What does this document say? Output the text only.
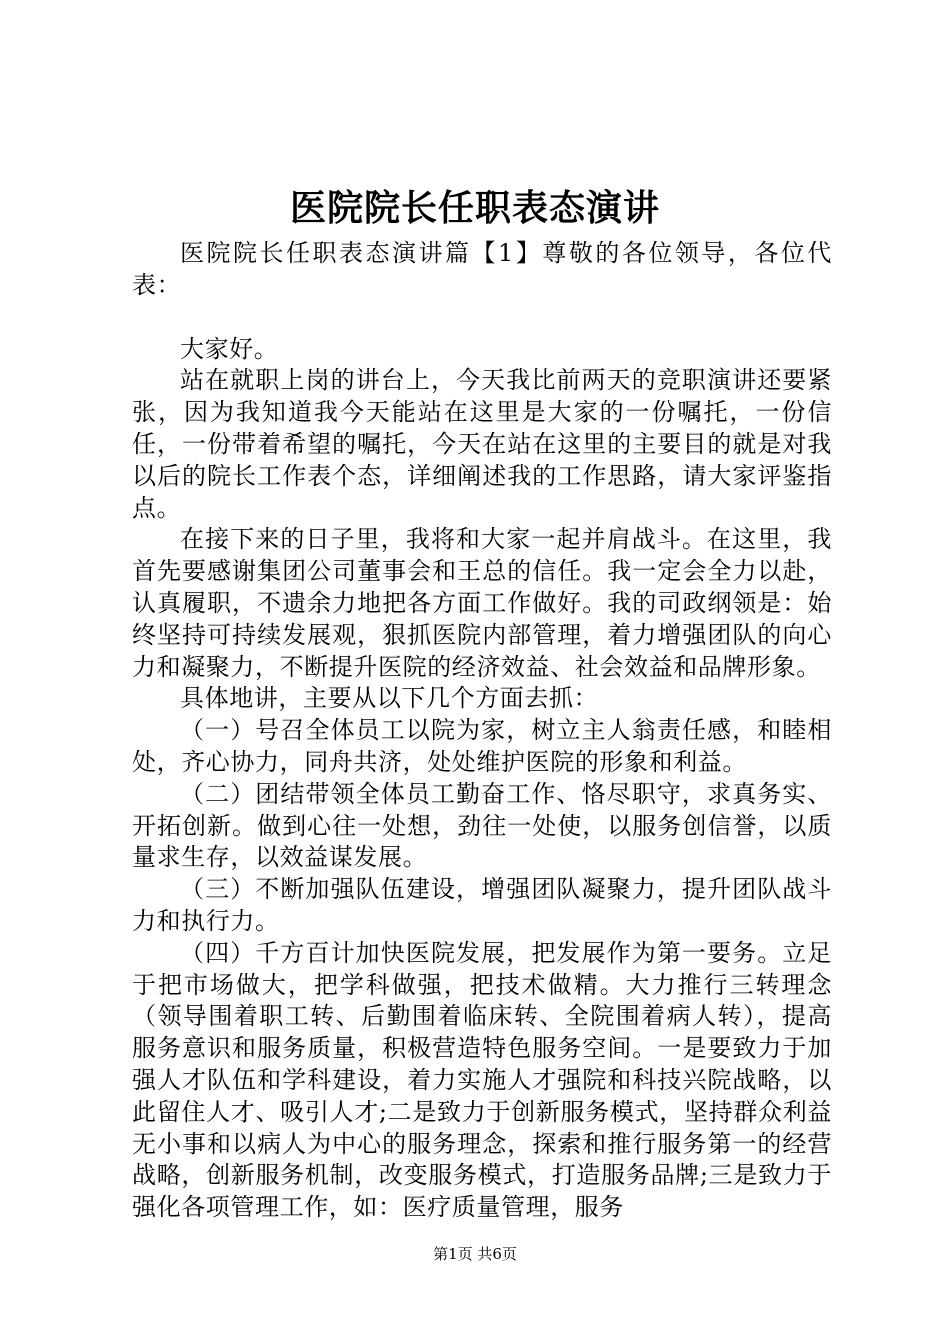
医院院长任职表态演讲

医院院长任职表态演讲篇【1】尊敬的各位领导，各位代表：

大家好。

站在就职上岗的讲台上，今天我比前两天的竞职演讲还要紧张，因为我知道我今天能站在这里是大家的一份嘱托，一份信任，一份带着希望的嘱托，今天在站在这里的主要目的就是对我以后的院长工作表个态，详细阐述我的工作思路，请大家评鉴指点。

在接下来的日子里，我将和大家一起并肩战斗。在这里，我首先要感谢集团公司董事会和王总的信任。我一定会全力以赴，认真履职，不遗余力地把各方面工作做好。我的司政纲领是：始终坚持可持续发展观，狠抓医院内部管理，着力增强团队的向心力和凝聚力，不断提升医院的经济效益、社会效益和品牌形象。

具体地讲，主要从以下几个方面去抓：

（一）号召全体员工以院为家，树立主人翁责任感，和睦相处，齐心协力，同舟共济，处处维护医院的形象和利益。

（二）团结带领全体员工勤奋工作、恪尽职守，求真务实、开拓创新。做到心往一处想，劲往一处使，以服务创信誉，以质量求生存，以效益谋发展。

（三）不断加强队伍建设，增强团队凝聚力，提升团队战斗力和执行力。

（四）千方百计加快医院发展，把发展作为第一要务。立足于把市场做大，把学科做强，把技术做精。大力推行三转理念（领导围着职工转、后勤围着临床转、全院围着病人转），提高服务意识和服务质量，积极营造特色服务空间。一是要致力于加强人才队伍和学科建设，着力实施人才强院和科技兴院战略，以此留住人才、吸引人才;二是致力于创新服务模式，坚持群众利益无小事和以病人为中心的服务理念，探索和推行服务第一的经营战略，创新服务机制，改变服务模式，打造服务品牌;三是致力于强化各项管理工作，如：医疗质量管理，服务

第1页 共6页
